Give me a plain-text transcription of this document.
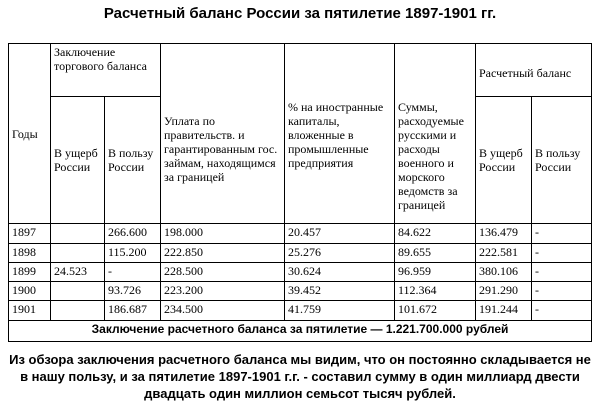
Расчетный баланс России за пятилетие 1897-1901 гг.
Годы	Заключение торгового баланса		Уплата по правительств. и гарантированным гос. займам, находящимся за границей	% на иностранные капиталы, вложенные в промышленные предприятия	Суммы, расходуемые русскими и расходы военного и морского ведомств за границей	Расчетный баланс	
	В ущерб России	В пользу России				В ущерб России	В пользу России
1897		266.600	198.000	20.457	84.622	136.479	-
1898		115.200	222.850	25.276	89.655	222.581	-
1899	24.523	-	228.500	30.624	96.959	380.106	-
1900		93.726	223.200	39.452	112.364	291.290	-
1901		186.687	234.500	41.759	101.672	191.244	-
Заключение расчетного баланса за пятилетие — 1.221.700.000 рублей							
Из обзора заключения расчетного баланса мы видим, что он постоянно складывается не
в нашу пользу, и за пятилетие 1897-1901 г.г. - составил сумму в один миллиард двести
двадцать один миллион семьсот тысяч рублей.
